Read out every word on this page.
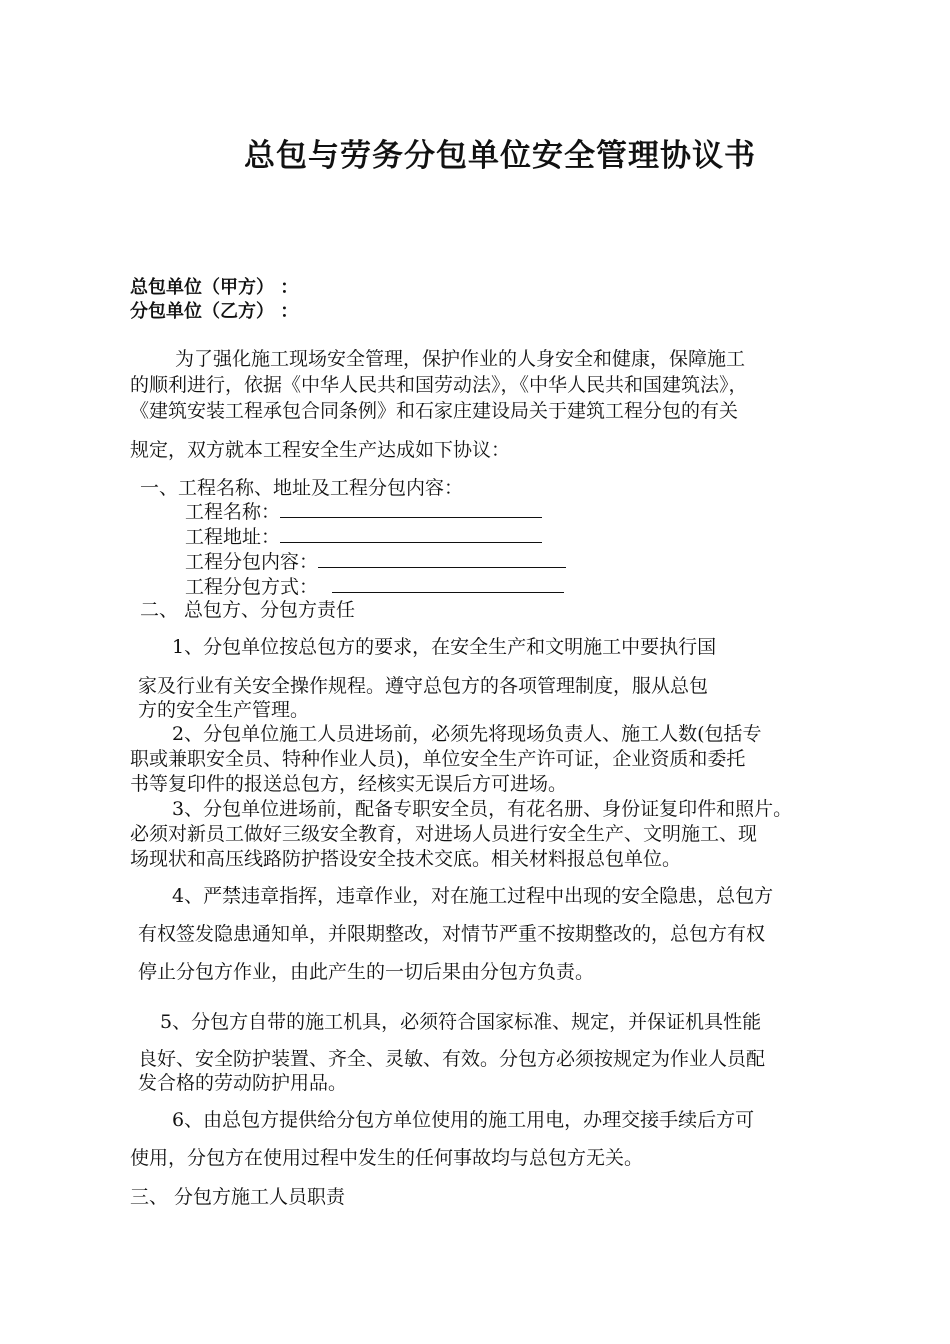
总包与劳务分包单位安全管理协议书
总包单位（甲方） ：
分包单位（乙方） ：
为了强化施工现场安全管理，保护作业的人身安全和健康，保障施工
的顺利进行，依据《中华人民共和国劳动法》，《中华人民共和国建筑法》，
《建筑安装工程承包合同条例》和石家庄建设局关于建筑工程分包的有关
规定，双方就本工程安全生产达成如下协议：
一、工程名称、地址及工程分包内容：
工程名称：
工程地址：
工程分包内容：
工程分包方式：
二、 总包方、分包方责任
1、分包单位按总包方的要求，在安全生产和文明施工中要执行国
家及行业有关安全操作规程。遵守总包方的各项管理制度，服从总包
方的安全生产管理。
2、分包单位施工人员进场前，必须先将现场负责人、施工人数(包括专
职或兼职安全员、特种作业人员)，单位安全生产许可证，企业资质和委托
书等复印件的报送总包方，经核实无误后方可进场。
3、分包单位进场前，配备专职安全员，有花名册、身份证复印件和照片。
必须对新员工做好三级安全教育，对进场人员进行安全生产、文明施工、现
场现状和高压线路防护搭设安全技术交底。相关材料报总包单位。
4、严禁违章指挥，违章作业，对在施工过程中出现的安全隐患，总包方
有权签发隐患通知单，并限期整改，对情节严重不按期整改的，总包方有权
停止分包方作业，由此产生的一切后果由分包方负责。
5、分包方自带的施工机具，必须符合国家标准、规定，并保证机具性能
良好、安全防护装置、齐全、灵敏、有效。分包方必须按规定为作业人员配
发合格的劳动防护用品。
6、由总包方提供给分包方单位使用的施工用电，办理交接手续后方可
使用，分包方在使用过程中发生的任何事故均与总包方无关。
三、 分包方施工人员职责
